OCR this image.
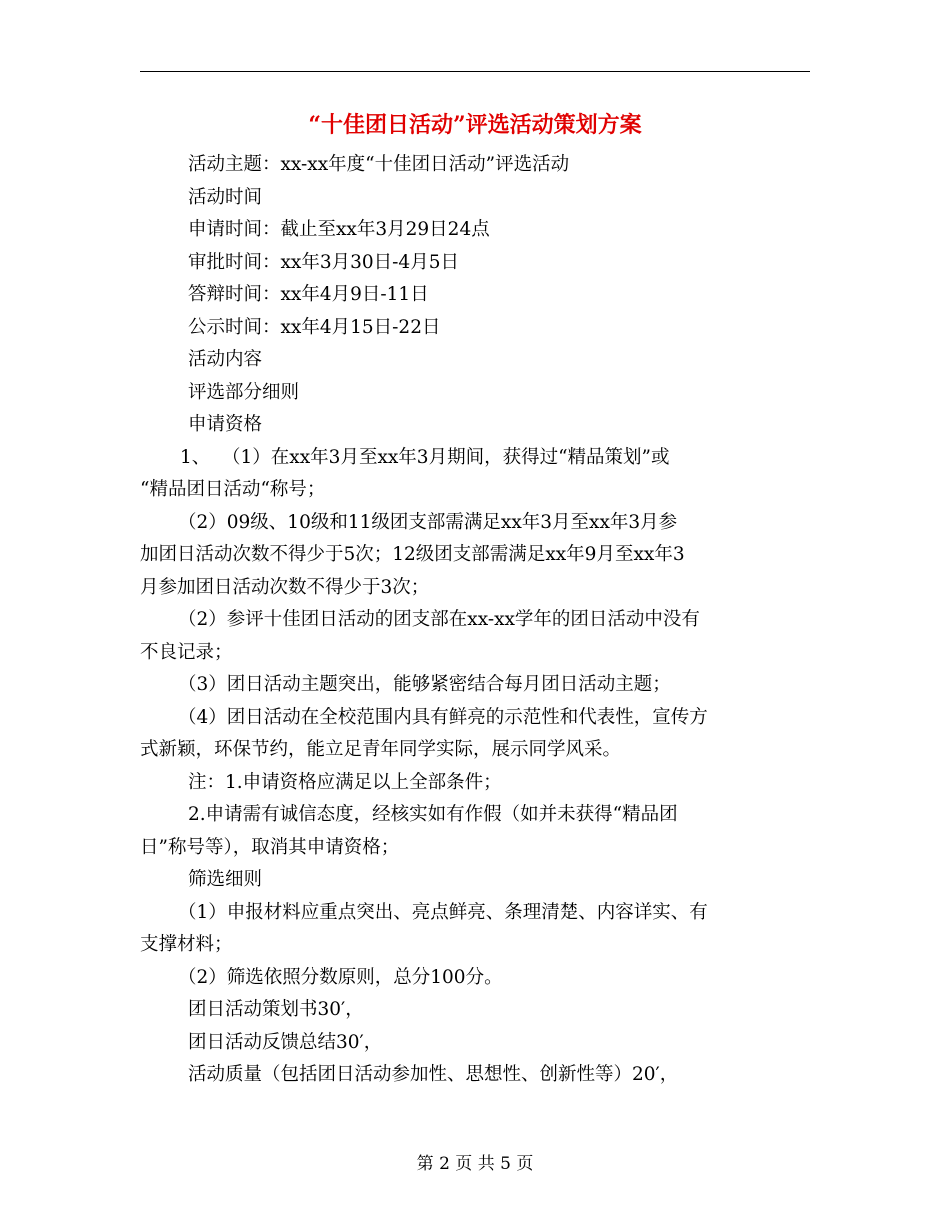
“十佳团日活动”评选活动策划方案

活动主题：xx-xx年度“十佳团日活动”评选活动

活动时间

申请时间：截止至xx年3月29日24点

审批时间：xx年3月30日-4月5日

答辩时间：xx年4月9日-11日

公示时间：xx年4月15日-22日

活动内容

评选部分细则

申请资格

1、  （1）在xx年3月至xx年3月期间，获得过“精品策划”或

“精品团日活动“称号；

（2）09级、10级和11级团支部需满足xx年3月至xx年3月参

加团日活动次数不得少于5次；12级团支部需满足xx年9月至xx年3

月参加团日活动次数不得少于3次；

（2）参评十佳团日活动的团支部在xx-xx学年的团日活动中没有

不良记录；

（3）团日活动主题突出，能够紧密结合每月团日活动主题；

（4）团日活动在全校范围内具有鲜亮的示范性和代表性，宣传方

式新颖，环保节约，能立足青年同学实际，展示同学风采。

注：1.申请资格应满足以上全部条件；

2.申请需有诚信态度，经核实如有作假（如并未获得“精品团

日”称号等），取消其申请资格；

筛选细则

（1）申报材料应重点突出、亮点鲜亮、条理清楚、内容详实、有

支撑材料；

（2）筛选依照分数原则，总分100分。

团日活动策划书30′，

团日活动反馈总结30′，

活动质量（包括团日活动参加性、思想性、创新性等）20′，

第 2 页 共 5 页
